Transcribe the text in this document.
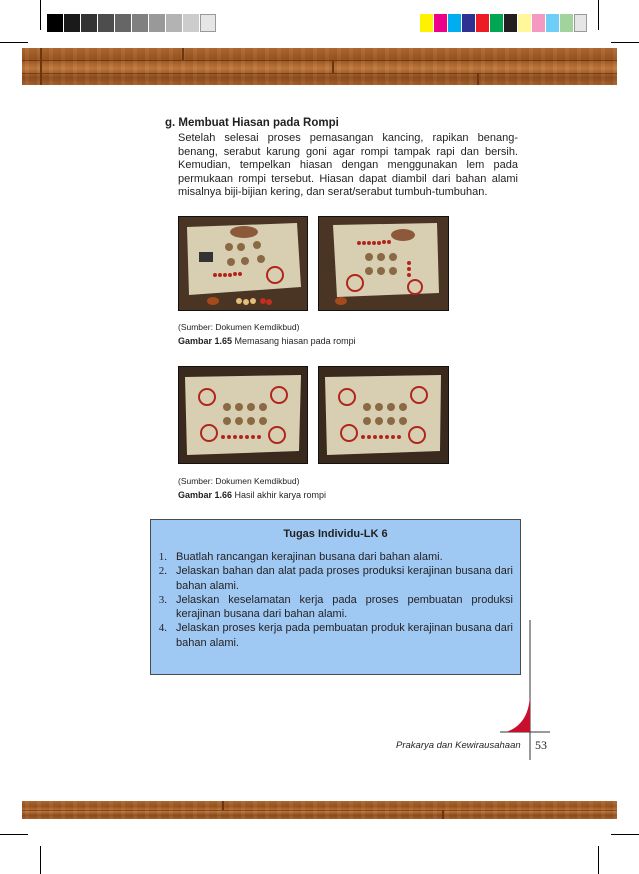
g. Membuat Hiasan pada Rompi
Setelah selesai proses pemasangan kancing, rapikan benang-benang, serabut karung goni agar rompi tampak rapi dan bersih. Kemudian, tempelkan hiasan dengan menggunakan lem pada permukaan rompi tersebut. Hiasan dapat diambil dari bahan alami misalnya biji-bijian kering, dan serat/serabut tumbuh-tumbuhan.
(Sumber: Dokumen Kemdikbud)
Gambar 1.65 Memasang hiasan pada rompi
(Sumber: Dokumen Kemdikbud)
Gambar 1.66 Hasil akhir karya rompi
Tugas Individu-LK 6
1. Buatlah rancangan kerajinan busana dari bahan alami.
2. Jelaskan bahan dan alat pada proses produksi kerajinan busana dari bahan alami.
3. Jelaskan keselamatan kerja pada proses pembuatan produksi kerajinan busana dari bahan alami.
4. Jelaskan proses kerja pada pembuatan produk kerajinan busana dari bahan alami.
Prakarya dan Kewirausahaan 53
